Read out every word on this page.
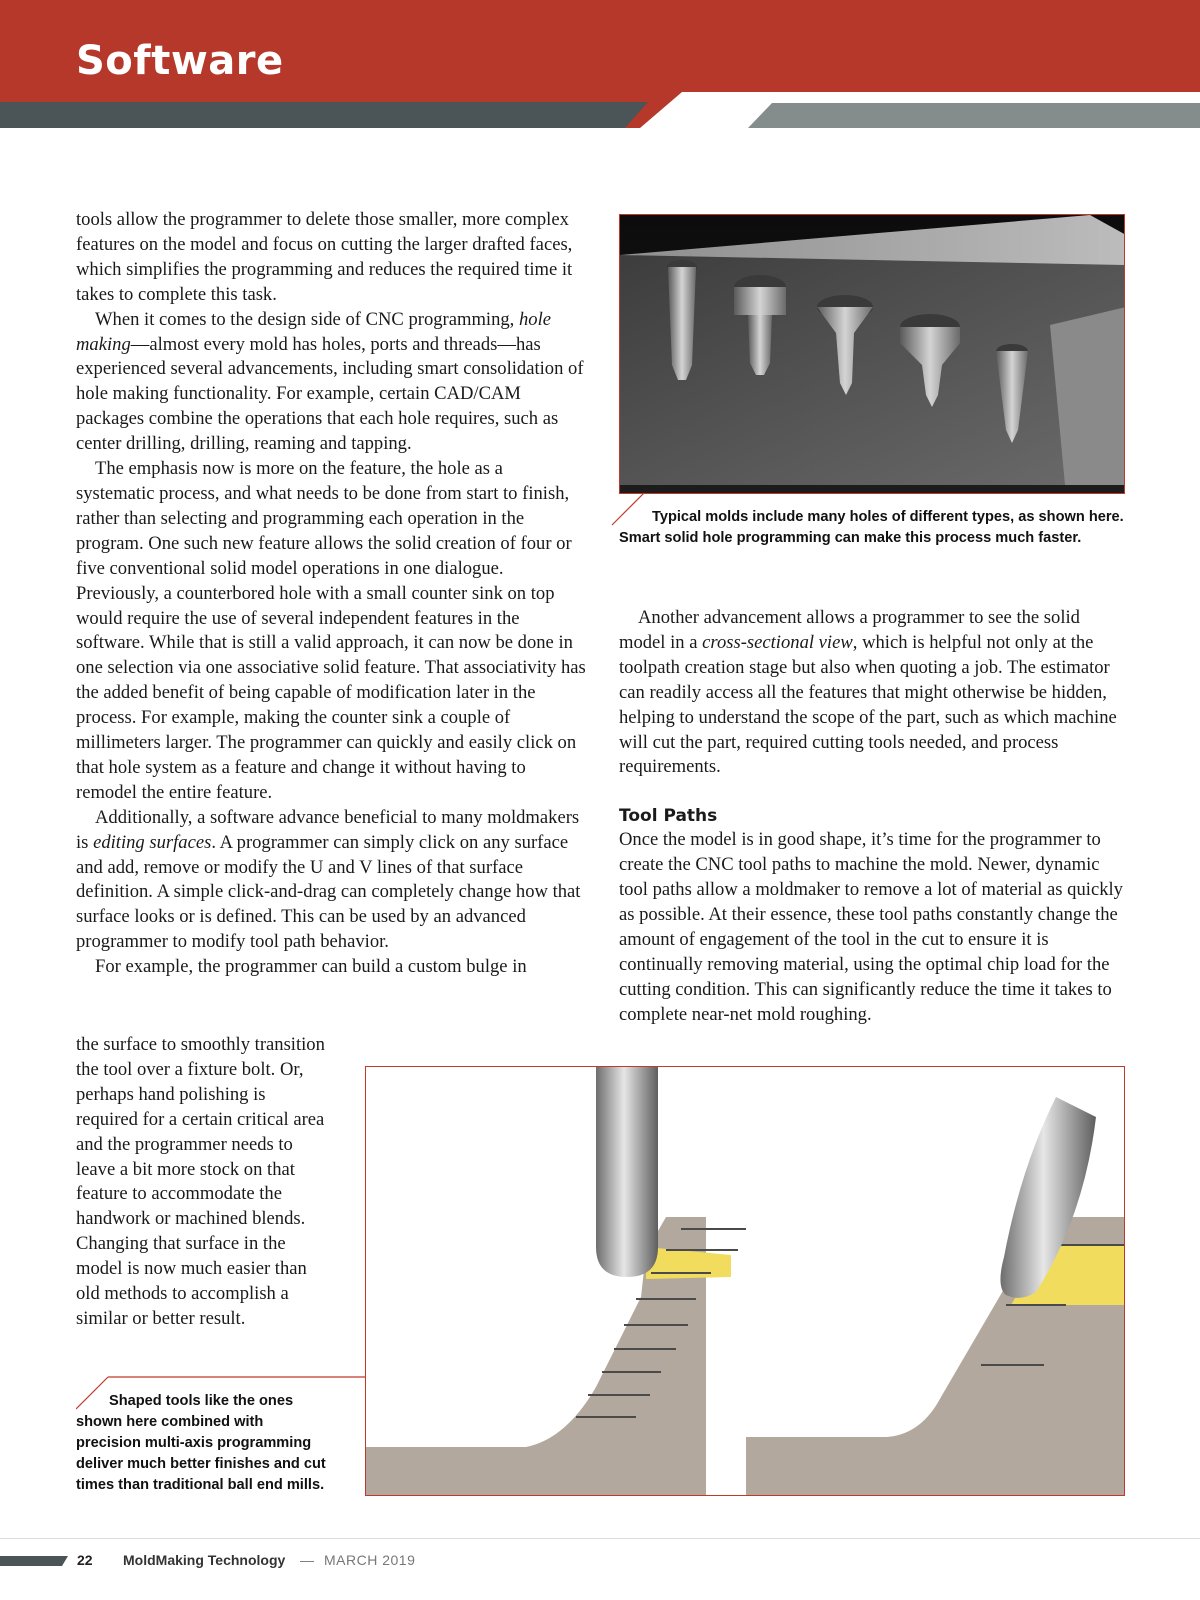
Software

tools allow the programmer to delete those smaller, more complex features on the model and focus on cutting the larger drafted faces, which simplifies the programming and reduces the required time it takes to complete this task.

When it comes to the design side of CNC programming, hole making—almost every mold has holes, ports and threads—has experienced several advancements, including smart consolidation of hole making functionality. For example, certain CAD/CAM packages combine the operations that each hole requires, such as center drilling, drilling, reaming and tapping.

The emphasis now is more on the feature, the hole as a systematic process, and what needs to be done from start to finish, rather than selecting and programming each operation in the program. One such new feature allows the solid creation of four or five conventional solid model operations in one dialogue. Previously, a counterbored hole with a small counter sink on top would require the use of several independent features in the software. While that is still a valid approach, it can now be done in one selection via one associative solid feature. That associativity has the added benefit of being capable of modification later in the process. For example, making the counter sink a couple of millimeters larger. The programmer can quickly and easily click on that hole system as a feature and change it without having to remodel the entire feature.

Additionally, a software advance beneficial to many moldmakers is editing surfaces. A programmer can simply click on any surface and add, remove or modify the U and V lines of that surface definition. A simple click-and-drag can completely change how that surface looks or is defined. This can be used by an advanced programmer to modify tool path behavior.

For example, the programmer can build a custom bulge in

the surface to smoothly transition the tool over a fixture bolt. Or, perhaps hand polishing is required for a certain critical area and the programmer needs to leave a bit more stock on that feature to accommodate the handwork or machined blends. Changing that surface in the model is now much easier than old methods to accomplish a similar or better result.

Typical molds include many holes of different types, as shown here. Smart solid hole programming can make this process much faster.

Another advancement allows a programmer to see the solid model in a cross-sectional view, which is helpful not only at the toolpath creation stage but also when quoting a job. The estimator can readily access all the features that might otherwise be hidden, helping to understand the scope of the part, such as which machine will cut the part, required cutting tools needed, and process requirements.

Tool Paths

Once the model is in good shape, it’s time for the programmer to create the CNC tool paths to machine the mold. Newer, dynamic tool paths allow a moldmaker to remove a lot of material as quickly as possible. At their essence, these tool paths constantly change the amount of engagement of the tool in the cut to ensure it is continually removing material, using the optimal chip load for the cutting condition. This can significantly reduce the time it takes to complete near-net mold roughing.

Shaped tools like the ones shown here combined with precision multi-axis programming deliver much better finishes and cut times than traditional ball end mills.
22 MoldMaking Technology — MARCH 2019
